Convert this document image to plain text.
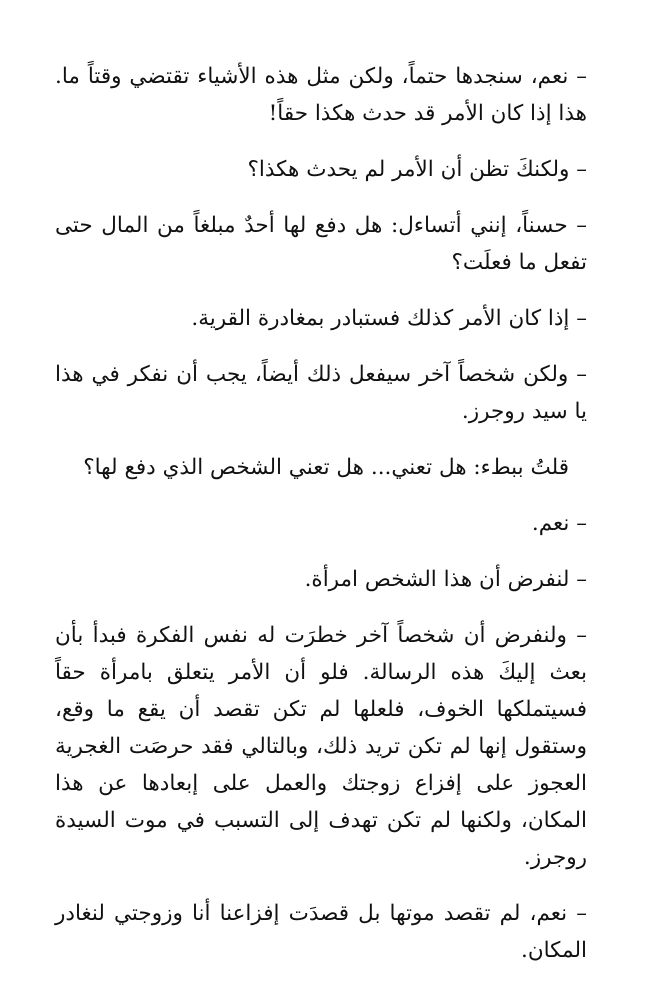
– نعم، سنجدها حتماً، ولكن مثل هذه الأشياء تقتضي وقتاً ما. هذا إذا كان الأمر قد حدث هكذا حقاً!

– ولكنكَ تظن أن الأمر لم يحدث هكذا؟

– حسناً، إنني أتساءل: هل دفع لها أحدٌ مبلغاً من المال حتى تفعل ما فعلَت؟

– إذا كان الأمر كذلك فستبادر بمغادرة القرية.

– ولكن شخصاً آخر سيفعل ذلك أيضاً، يجب أن نفكر في هذا يا سيد روجرز.

قلتُ ببطء: هل تعني... هل تعني الشخص الذي دفع لها؟

– نعم.

– لنفرض أن هذا الشخص امرأة.

– ولنفرض أن شخصاً آخر خطرَت له نفس الفكرة فبدأ بأن بعث إليكَ هذه الرسالة. فلو أن الأمر يتعلق بامرأة حقاً فسيتملكها الخوف، فلعلها لم تكن تقصد أن يقع ما وقع، وستقول إنها لم تكن تريد ذلك، وبالتالي فقد حرصَت الغجرية العجوز على إفزاع زوجتك والعمل على إبعادها عن هذا المكان، ولكنها لم تكن تهدف إلى التسبب في موت السيدة روجرز.

– نعم، لم تقصد موتها بل قصدَت إفزاعنا أنا وزوجتي لنغادر المكان.
